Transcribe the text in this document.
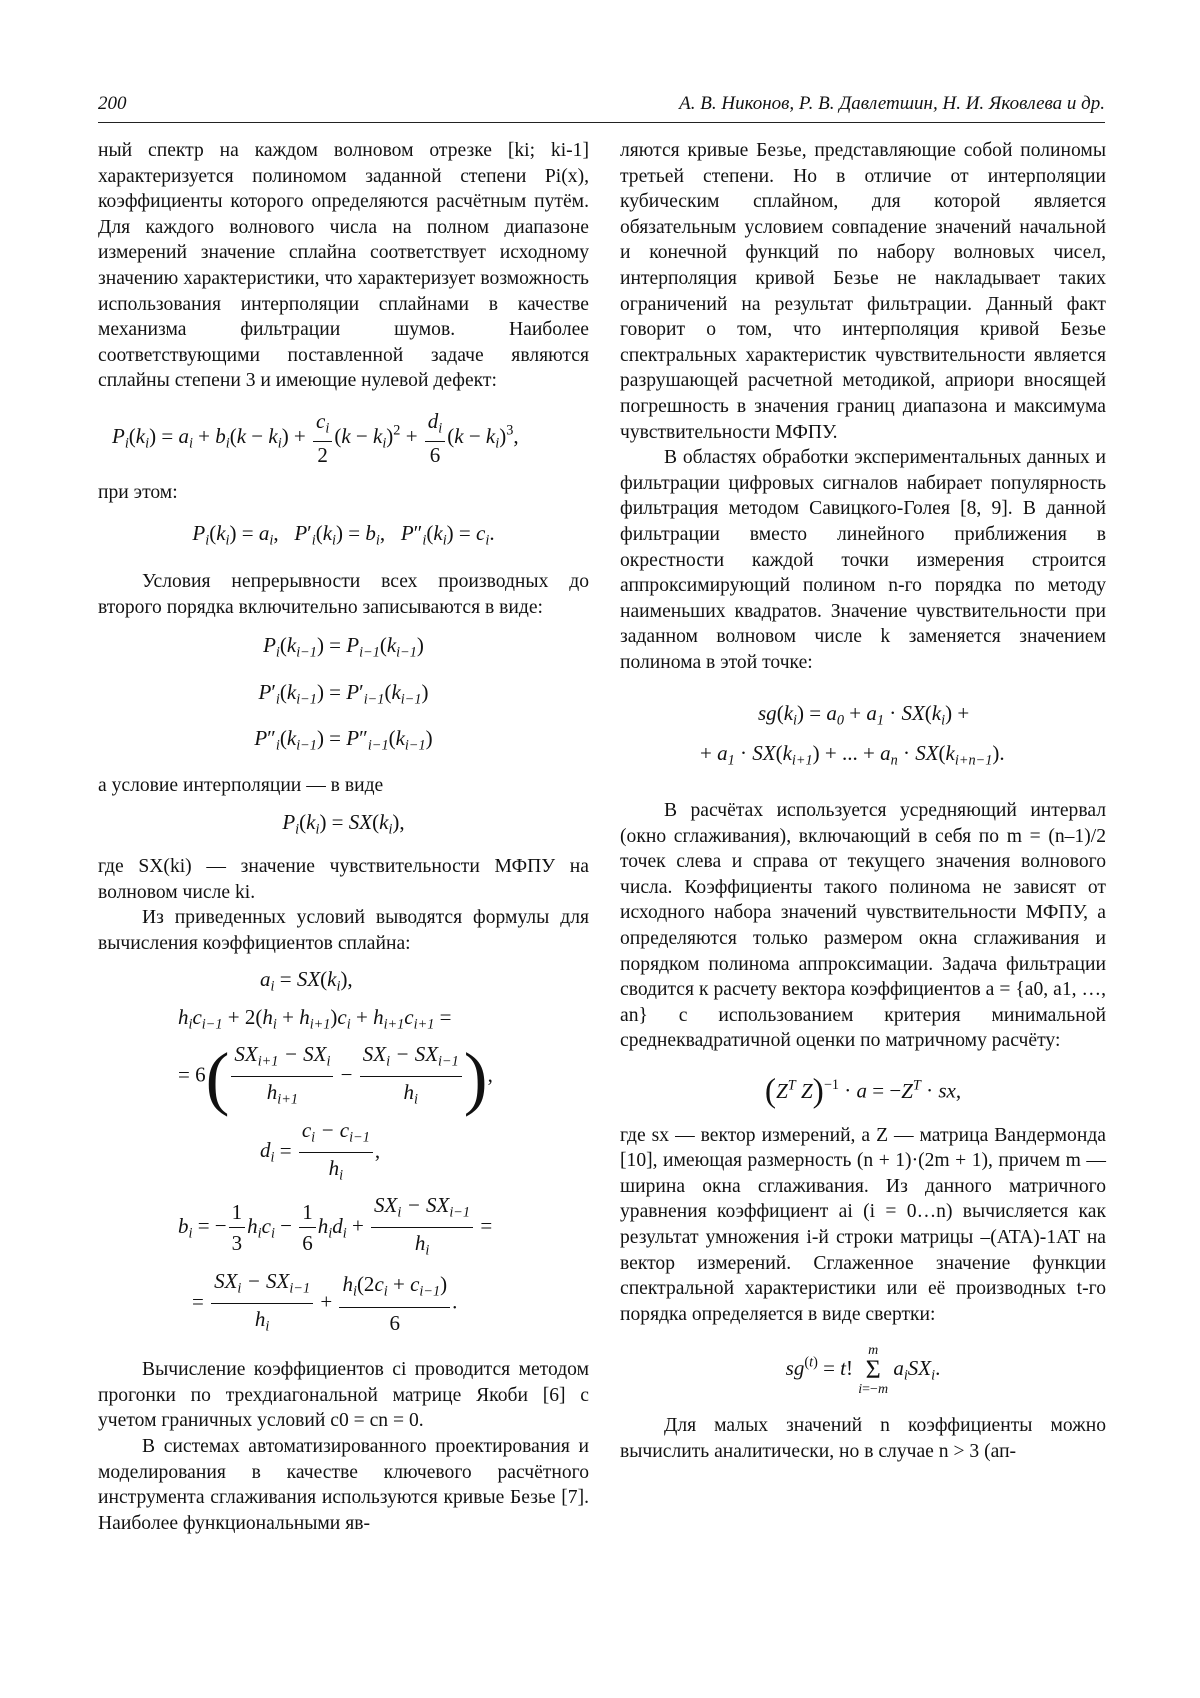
200	А. В. Никонов, Р. В. Давлетшин, Н. И. Яковлева и др.

ный спектр на каждом волновом отрезке [ki; ki-1] характеризуется полиномом заданной степени Pi(x), коэффициенты которого определяются расчётным путём. Для каждого волнового числа на полном диапазоне измерений значение сплайна соответствует исходному значению характеристики, что характеризует возможность использования интерполяции сплайнами в качестве механизма фильтрации шумов. Наиболее соответствующими поставленной задаче являются сплайны степени 3 и имеющие нулевой дефект:

$P_i(k_i) = a_i + b_i(k - k_i) + \frac{c_i}{2} (k - k_i)^2 + \frac{d_i}{6} (k - k_i)^3$,

при этом:

$P_i(k_i) = a_i$,   $P'_i(k_i) = b_i$,   $P''_i(k_i) = c_i$.

Условия непрерывности всех производных до второго порядка включительно записываются в виде:

$P_i(k_{i-1}) = P_{i-1}(k_{i-1})$
$P'_i(k_{i-1}) = P'_{i-1}(k_{i-1})$
$P''_i(k_{i-1}) = P''_{i-1}(k_{i-1})$

а условие интерполяции — в виде

$P_i(k_i) = SX(k_i)$,

где SX(ki) — значение чувствительности МФПУ на волновом числе ki.

Из приведенных условий выводятся формулы для вычисления коэффициентов сплайна:

$a_i = SX(k_i)$,
$h_ic_{i-1} + 2(h_i + h_{i+1})c_i + h_{i+1}c_{i+1}$ =
= 6( $SX_{i+1} - SX_i$
$h_{i+1}$
−
$SX_i - SX_{i-1}$
$h_i$ ),
$d_i = \frac{c_i - c_{i-1}}{h_i}$ ,
$b_i$ = − $\frac{1}{3} h_ic_i - \frac{1}{6} h_id_i$ +
$SX_i - SX_{i-1}$
$h_i$
=
=
$SX_i - SX_{i-1}$
$h_i$
+ $\frac{h_i(2c_i + c_{i-1})}{6}$ .

Вычисление коэффициентов ci проводится методом прогонки по трехдиагональной матрице Якоби [6] с учетом граничных условий c0 = cn = 0.

В системах автоматизированного проектирования и моделирования в качестве ключевого расчётного инструмента сглаживания используются кривые Безье [7]. Наиболее функциональными яв-

ляются кривые Безье, представляющие собой полиномы третьей степени. Но в отличие от интерполяции кубическим сплайном, для которой является обязательным условием совпадение значений начальной и конечной функций по набору волновых чисел, интерполяция кривой Безье не накладывает таких ограничений на результат фильтрации. Данный факт говорит о том, что интерполяция кривой Безье спектральных характеристик чувствительности является разрушающей расчетной методикой, априори вносящей погрешность в значения границ диапазона и максимума чувствительности МФПУ.

В областях обработки экспериментальных данных и фильтрации цифровых сигналов набирает популярность фильтрация методом Савицкого-Голея [8, 9]. В данной фильтрации вместо линейного приближения в окрестности каждой точки измерения строится аппроксимирующий полином n-го порядка по методу наименьших квадратов. Значение чувствительности при заданном волновом числе k заменяется значением полинома в этой точке:

$sg(k_i) = a_0 + a_1 \cdot SX(k_i)$ +
+ $a_1 \cdot SX(k_{i+1})$ + ... + $a_n \cdot SX(k_{i+n-1})$.

В расчётах используется усредняющий интервал (окно сглаживания), включающий в себя по m = (n–1)/2 точек слева и справа от текущего значения волнового числа. Коэффициенты такого полинома не зависят от исходного набора значений чувствительности МФПУ, а определяются только размером окна сглаживания и порядком полинома аппроксимации. Задача фильтрации сводится к расчету вектора коэффициентов a = {a0, a1, …, an} с использованием критерия минимальной среднеквадратичной оценки по матричному расчёту:

($Z^T$ $Z)^{-1} \cdot a = -Z^T$ · sx,

где sx — вектор измерений, а Z — матрица Вандермонда [10], имеющая размерность (n + 1)·(2m + 1), причем m — ширина окна сглаживания. Из данного матричного уравнения коэффициент ai (i = 0…n) вычисляется как результат умножения i-й строки матрицы –(ATA)-1AT на вектор измерений. Сглаженное значение функции спектральной характеристики или её производных t-го порядка определяется в виде свертки:

$sg^{(t)} = t$! m
Σ
i=−m $a_iSX_i$.

Для малых значений n коэффициенты можно вычислить аналитически, но в случае n > 3 (ап-
